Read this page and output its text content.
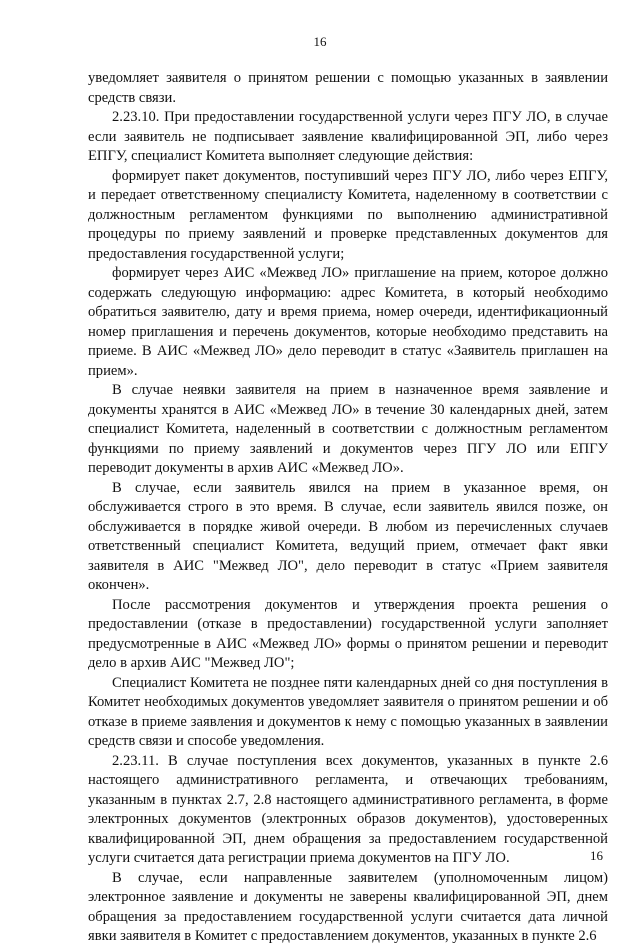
16

уведомляет заявителя о принятом решении с помощью указанных в заявлении средств связи.

2.23.10. При предоставлении государственной услуги через ПГУ ЛО, в случае если заявитель не подписывает заявление квалифицированной ЭП, либо через ЕПГУ, специалист Комитета выполняет следующие действия:

формирует пакет документов, поступивший через ПГУ ЛО, либо через ЕПГУ, и передает ответственному специалисту Комитета, наделенному в соответствии с должностным регламентом функциями по выполнению административной процедуры по приему заявлений и проверке представленных документов для предоставления государственной услуги;

формирует через АИС «Межвед ЛО» приглашение на прием, которое должно содержать следующую информацию: адрес Комитета, в который необходимо обратиться заявителю, дату и время приема, номер очереди, идентификационный номер приглашения и перечень документов, которые необходимо представить на приеме. В АИС «Межвед ЛО» дело переводит в статус «Заявитель приглашен на прием».

В случае неявки заявителя на прием в назначенное время заявление и документы хранятся в АИС «Межвед ЛО» в течение 30 календарных дней, затем специалист Комитета, наделенный в соответствии с должностным регламентом функциями по приему заявлений и документов через ПГУ ЛО или ЕПГУ переводит документы в архив АИС «Межвед ЛО».

В случае, если заявитель явился на прием в указанное время, он обслуживается строго в это время. В случае, если заявитель явился позже, он обслуживается в порядке живой очереди. В любом из перечисленных случаев ответственный специалист Комитета, ведущий прием, отмечает факт явки заявителя в АИС "Межвед ЛО", дело переводит в статус «Прием заявителя окончен».

После рассмотрения документов и утверждения проекта решения о предоставлении (отказе в предоставлении) государственной услуги заполняет предусмотренные в АИС «Межвед ЛО» формы о принятом решении и переводит дело в архив АИС "Межвед ЛО";

Специалист Комитета не позднее пяти календарных дней со дня поступления в Комитет необходимых документов уведомляет заявителя о принятом решении и об отказе в приеме заявления и документов к нему с помощью указанных в заявлении средств связи и способе уведомления.

2.23.11. В случае поступления всех документов, указанных в пункте 2.6 настоящего административного регламента, и отвечающих требованиям, указанным в пунктах 2.7, 2.8 настоящего административного регламента, в форме электронных документов (электронных образов документов), удостоверенных квалифицированной ЭП, днем обращения за предоставлением государственной услуги считается дата регистрации приема документов на ПГУ ЛО.

В случае, если направленные заявителем (уполномоченным лицом) электронное заявление и документы не заверены квалифицированной ЭП, днем обращения за предоставлением государственной услуги считается дата личной явки заявителя в Комитет с предоставлением документов, указанных в пункте 2.6

16
